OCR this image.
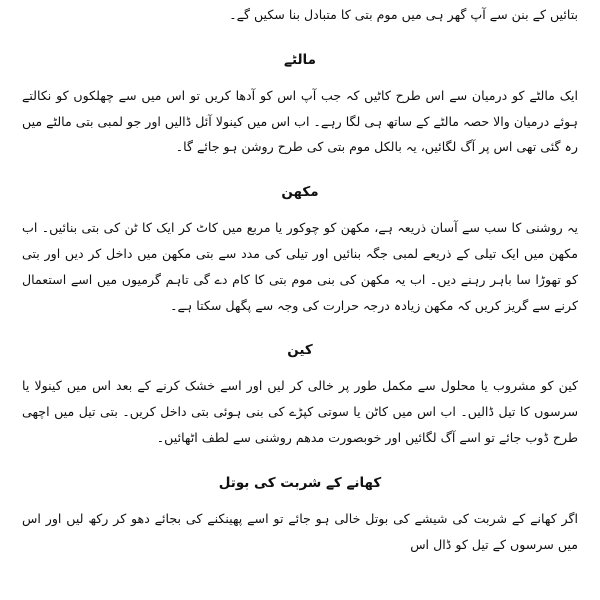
بتائیں کے بنن سے آپ گھر ہی میں موم بتی کا متبادل بنا سکیں گے۔
مالٹے
ایک مالٹے کو درمیان سے اس طرح کاٹیں کہ جب آپ اس کو آدھا کریں تو اس میں سے چھلکوں کو نکالتے ہوئے درمیان والا حصہ مالٹے کے ساتھ ہی لگا رہے۔ اب اس میں کینولا آئل ڈالیں اور جو لمبی بتی مالٹے میں رہ گئی تھی اس پر آگ لگائیں، یہ بالکل موم بتی کی طرح روشن ہو جائے گا۔
مکھن
یہ روشنی کا سب سے آسان ذریعہ ہے، مکھن کو چوکور یا مربع میں کاٹ کر ایک کا ٹن کی بتی بنائیں۔ اب مکھن میں ایک تیلی کے ذریعے لمبی جگہ بنائیں اور تیلی کی مدد سے بتی مکھن میں داخل کر دیں اور بتی کو تھوڑا سا باہر رہنے دیں۔ اب یہ مکھن کی بنی موم بتی کا کام دے گی تاہم گرمیوں میں اسے استعمال کرنے سے گریز کریں کہ مکھن زیادہ درجہ حرارت کی وجہ سے پگھل سکتا ہے۔
کین
کین کو مشروب یا محلول سے مکمل طور پر خالی کر لیں اور اسے خشک کرنے کے بعد اس میں کینولا یا سرسوں کا تیل ڈالیں۔ اب اس میں کاٹن یا سوتی کپڑے کی بنی ہوئی بتی داخل کریں۔ بتی تیل میں اچھی طرح ڈوب جائے تو اسے آگ لگائیں اور خوبصورت مدھم روشنی سے لطف اٹھائیں۔
کھانے کے شربت کی بوتل
اگر کھانے کے شربت کی شیشے کی بوتل خالی ہو جائے تو اسے پھینکنے کی بجائے دھو کر رکھ لیں اور اس میں سرسوں کے تیل کو ڈال اس
